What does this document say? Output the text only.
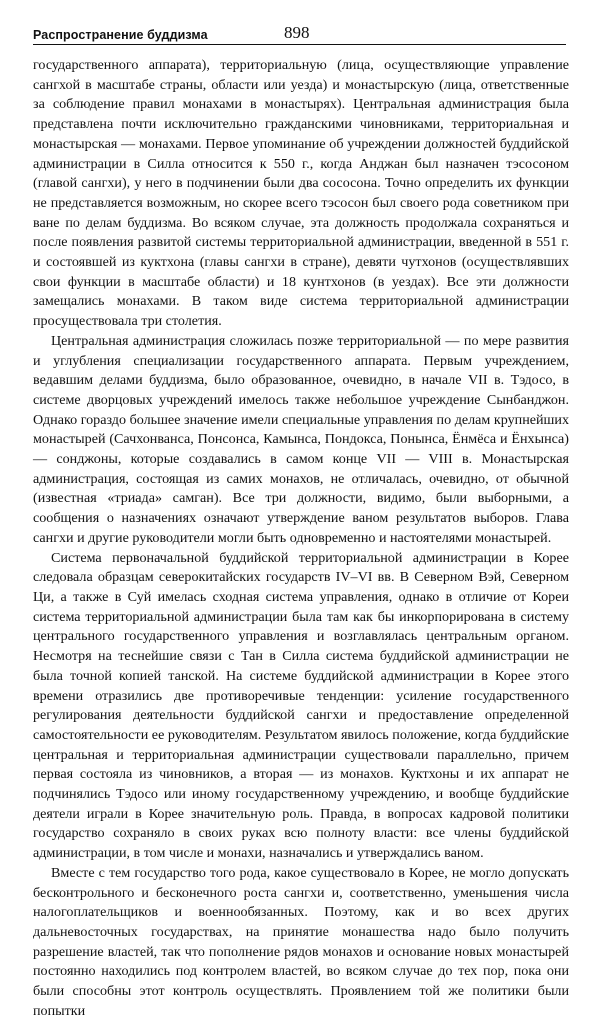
Распространение буддизма	898

государственного аппарата), территориальную (лица, осуществляющие управление сангхой в масштабе страны, области или уезда) и монастырскую (лица, ответственные за соблюдение правил монахами в монастырях). Центральная администрация была представлена почти исключительно гражданскими чиновниками, территориальная и монастырская — монахами. Первое упоминание об учреждении должностей буддийской администрации в Силла относится к 550 г., когда Анджан был назначен тэсосоном (главой сангхи), у него в подчинении были два сососона. Точно определить их функции не представляется возможным, но скорее всего тэсосон был своего рода советником при ване по делам буддизма. Во всяком случае, эта должность продолжала сохраняться и после появления развитой системы территориальной администрации, введенной в 551 г. и состоявшей из куктхона (главы сангхи в стране), девяти чутхонов (осуществлявших свои функции в масштабе области) и 18 кунтхонов (в уездах). Все эти должности замещались монахами. В таком виде система территориальной администрации просуществовала три столетия.

Центральная администрация сложилась позже территориальной — по мере развития и углубления специализации государственного аппарата. Первым учреждением, ведавшим делами буддизма, было образованное, очевидно, в начале VII в. Тэдосо, в системе дворцовых учреждений имелось также небольшое учреждение Сынбанджон. Однако гораздо большее значение имели специальные управления по делам крупнейших монастырей (Сачхонванса, Понсонса, Камынса, Пондокса, Понынса, Ёнмёса и Ёнхынса) — сонджоны, которые создавались в самом конце VII — VIII в. Монастырская администрация, состоящая из самих монахов, не отличалась, очевидно, от обычной (известная «триада» самган). Все три должности, видимо, были выборными, а сообщения о назначениях означают утверждение ваном результатов выборов. Глава сангхи и другие руководители могли быть одновременно и настоятелями монастырей.

Система первоначальной буддийской территориальной администрации в Корее следовала образцам северокитайских государств IV–VI вв. В Северном Вэй, Северном Ци, а также в Суй имелась сходная система управления, однако в отличие от Кореи система территориальной администрации была там как бы инкорпорирована в систему центрального государственного управления и возглавлялась центральным органом. Несмотря на теснейшие связи с Тан в Силла система буддийской администрации не была точной копией танской. На системе буддийской администрации в Корее этого времени отразились две противоречивые тенденции: усиление государственного регулирования деятельности буддийской сангхи и предоставление определенной самостоятельности ее руководителям. Результатом явилось положение, когда буддийские центральная и территориальная администрации существовали параллельно, причем первая состояла из чиновников, а вторая — из монахов. Куктхоны и их аппарат не подчинялись Тэдосо или иному государственному учреждению, и вообще буддийские деятели играли в Корее значительную роль. Правда, в вопросах кадровой политики государство сохраняло в своих руках всю полноту власти: все члены буддийской администрации, в том числе и монахи, назначались и утверждались ваном.

Вместе с тем государство того рода, какое существовало в Корее, не могло допускать бесконтрольного и бесконечного роста сангхи и, соответственно, уменьшения числа налогоплательщиков и военнообязанных. Поэтому, как и во всех других дальневосточных государствах, на принятие монашества надо было получить разрешение властей, так что пополнение рядов монахов и основание новых монастырей постоянно находились под контролем властей, во всяком случае до тех пор, пока они были способны этот контроль осуществлять. Проявлением той же политики были попытки
